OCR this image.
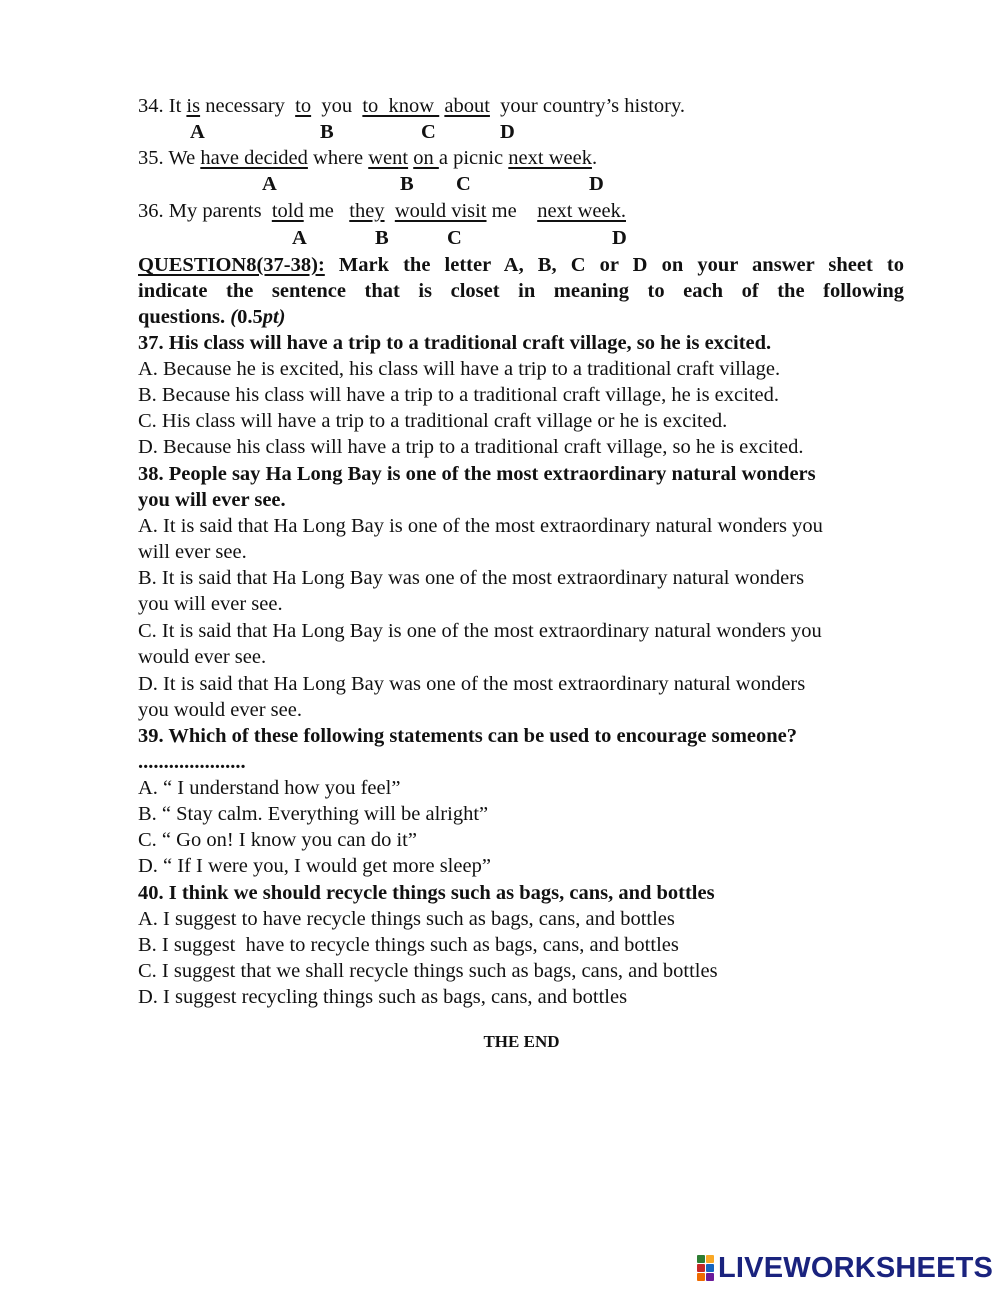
34. It is necessary  to  you  to  know  about  your country’s history.
A	B	C	D
35. We have decided where went on a picnic next week.
A	B C	D
36. My parents  told me   they would visit me    next week.
A	B	C	D
QUESTION8(37-38): Mark the letter A, B, C or D on your answer sheet to
indicate the sentence that is closet in meaning to each of the following
questions. (0.5pt)
37. His class will have a trip to a traditional craft village, so he is excited.
A. Because he is excited, his class will have a trip to a traditional craft village.
B. Because his class will have a trip to a traditional craft village, he is excited.
C. His class will have a trip to a traditional craft village or he is excited.
D. Because his class will have a trip to a traditional craft village, so he is excited.
38. People say Ha Long Bay is one of the most extraordinary natural wonders
you will ever see.
A. It is said that Ha Long Bay is one of the most extraordinary natural wonders you
will ever see.
B. It is said that Ha Long Bay was one of the most extraordinary natural wonders
you will ever see.
C. It is said that Ha Long Bay is one of the most extraordinary natural wonders you
would ever see.
D. It is said that Ha Long Bay was one of the most extraordinary natural wonders
you would ever see.
39. Which of these following statements can be used to encourage someone?
.....................
A. “ I understand how you feel”
B. “ Stay calm. Everything will be alright”
C. “ Go on! I know you can do it”
D. “ If I were you, I would get more sleep”
40. I think we should recycle things such as bags, cans, and bottles
A. I suggest to have recycle things such as bags, cans, and bottles
B. I suggest  have to recycle things such as bags, cans, and bottles
C. I suggest that we shall recycle things such as bags, cans, and bottles
D. I suggest recycling things such as bags, cans, and bottles
THE END
LIVEWORKSHEETS
